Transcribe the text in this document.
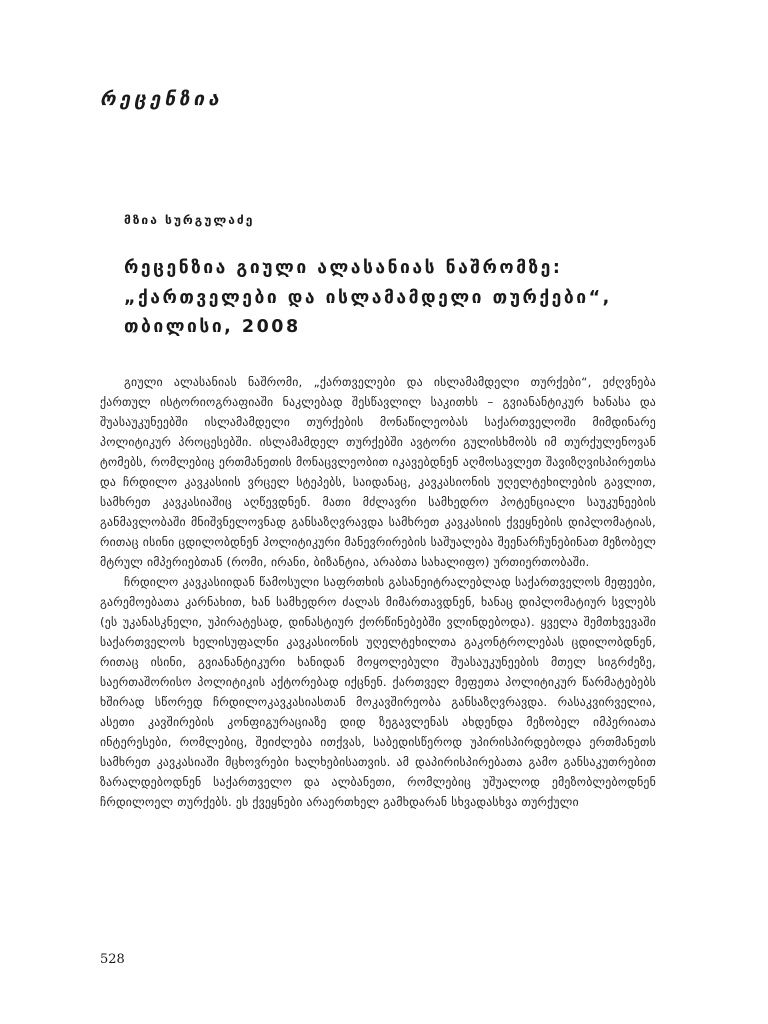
რეცენზია
მზია სურგულაძე
რეცენზია გიული ალასანიას ნაშრომზე:
„ქართველები და ისლამამდელი თურქები“,
თბილისი, 2008

გიული ალასანიას ნაშრომი, „ქართველები და ისლამამდელი თურქები“, ეძღვნება ქართულ ისტორიოგრაფიაში ნაკლებად შესწავლილ საკითხს – გვიანანტიკურ ხანასა და შუასაუკუნეებში ისლამამდელი თურქების მონაწილეობას საქართველოში მიმდინარე პოლიტიკურ პროცესებში. ისლამამდელ თურქებში ავტორი გულისხმობს იმ თურქულენოვან ტომებს, რომლებიც ერთმანეთის მონაცვლეობით იკავებდნენ აღმოსავლეთ შავიზღვისპირეთსა და ჩრდილო კავკასიის ვრცელ სტეპებს, საიდანაც, კავკასიონის უღელტეხილების გავლით, სამხრეთ კავკასიაშიც აღწევდნენ. მათი მძლავრი სამხედრო პოტენციალი საუკუნეების განმავლობაში მნიშვნელოვნად განსაზღვრავდა სამხრეთ კავკასიის ქვეყნების დიპლომატიას, რითაც ისინი ცდილობდნენ პოლიტიკური მანევრირების საშუალება შეენარჩუნებინათ მეზობელ მტრულ იმპერიებთან (რომი, ირანი, ბიზანტია, არაბთა სახალიფო) ურთიერთობაში.

ჩრდილო კავკასიიდან წამოსული საფრთხის გასანეიტრალებლად საქართველოს მეფეები, გარემოებათა კარნახით, ხან სამხედრო ძალას მიმართავდნენ, ხანაც დიპლომატიურ სვლებს (ეს უკანასკნელი, უპირატესად, დინასტიურ ქორწინებებში ვლინდებოდა). ყველა შემთხვევაში საქართველოს ხელისუფალნი კავკასიონის უღელტეხილთა გაკონტროლებას ცდილობდნენ, რითაც ისინი, გვიანანტიკური ხანიდან მოყოლებული შუასაუკუნეების მთელ სიგრძეზე, საერთაშორისო პოლიტიკის აქტორებად იქცნენ. ქართველ მეფეთა პოლიტიკურ წარმატებებს ხშირად სწორედ ჩრდილოკავკასიასთან მოკავშირეობა განსაზღვრავდა. რასაკვირველია, ასეთი კავშირების კონფიგურაციაზე დიდ ზეგავლენას ახდენდა მეზობელ იმპერიათა ინტერესები, რომლებიც, შეიძლება ითქვას, საბედისწეროდ უპირისპირდებოდა ერთმანეთს სამხრეთ კავკასიაში მცხოვრები ხალხებისათვის. ამ დაპირისპირებათა გამო განსაკუთრებით ზარალდებოდნენ საქართველო და ალბანეთი, რომლებიც უშუალოდ ემეზობლებოდნენ ჩრდილოელ თურქებს. ეს ქვეყნები არაერთხელ გამხდარან სხვადასხვა თურქული

528
